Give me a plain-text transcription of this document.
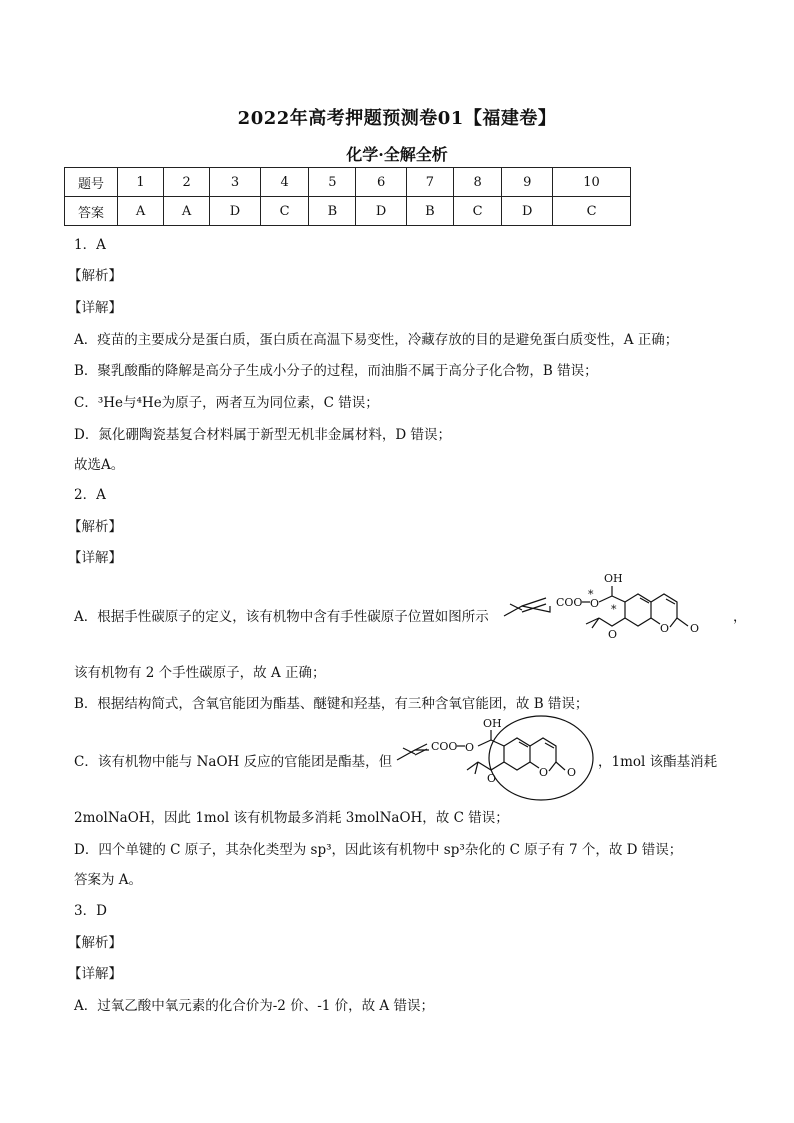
2022年高考押题预测卷01【福建卷】
化学·全解全析
题号	1	2	3	4	5	6	7	8	9	10
答案	A	A	D	C	B	D	B	C	D	C
1．A
【解析】
【详解】
A．疫苗的主要成分是蛋白质，蛋白质在高温下易变性，冷藏存放的目的是避免蛋白质变性，A 正确；
B．聚乳酸酯的降解是高分子生成小分子的过程，而油脂不属于高分子化合物，B 错误；
C．³He与⁴He为原子，两者互为同位素，C 错误；
D．氮化硼陶瓷基复合材料属于新型无机非金属材料，D 错误；
故选A。
2．A
【解析】
【详解】
A．根据手性碳原子的定义，该有机物中含有手性碳原子位置如图所示
COO O
*
*
OH
O	O O
，
该有机物有 2 个手性碳原子，故 A 正确；
B．根据结构简式，含氧官能团为酯基、醚键和羟基，有三种含氧官能团，故 B 错误；
C．该有机物中能与 NaOH 反应的官能团是酯基，但
COO O
OH
O	O O
，1mol 该酯基消耗
2molNaOH，因此 1mol 该有机物最多消耗 3molNaOH，故 C 错误；
D．四个单键的 C 原子，其杂化类型为 sp³，因此该有机物中 sp³杂化的 C 原子有 7 个，故 D 错误；
答案为 A。
3．D
【解析】
【详解】
A．过氧乙酸中氧元素的化合价为-2 价、-1 价，故 A 错误；
